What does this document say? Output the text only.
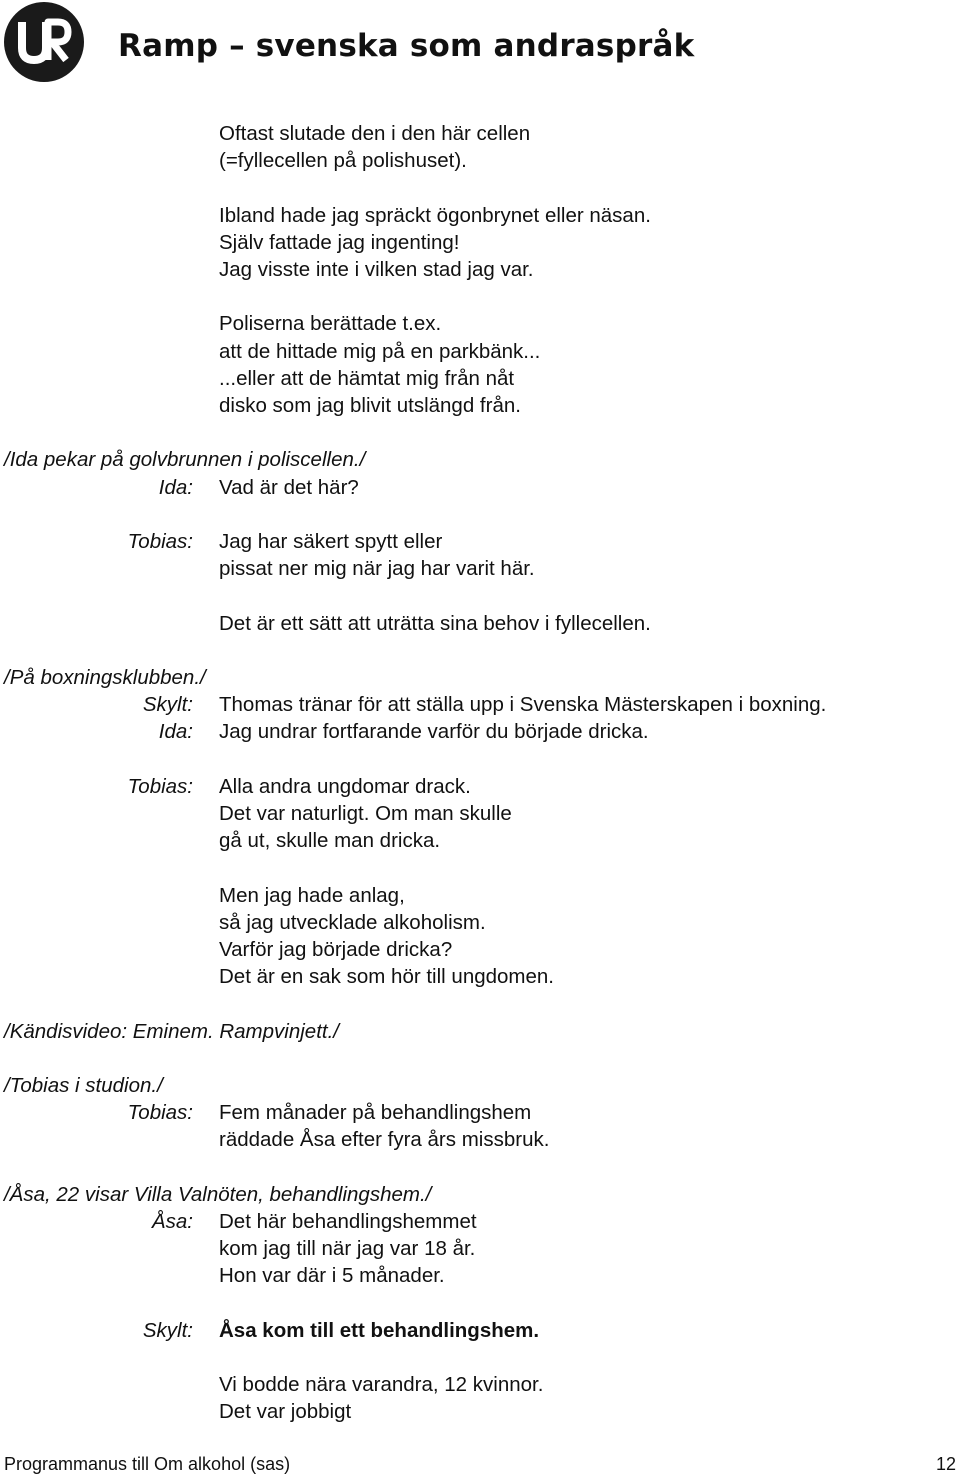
Ramp – svenska som andraspråk
Oftast slutade den i den här cellen
(=fyllecellen på polishuset).
Ibland hade jag spräckt ögonbrynet eller näsan.
Själv fattade jag ingenting!
Jag visste inte i vilken stad jag var.
Poliserna berättade t.ex.
att de hittade mig på en parkbänk...
...eller att de hämtat mig från nåt
disko som jag blivit utslängd från.
/Ida pekar på golvbrunnen i poliscellen./
Ida: Vad är det här?
Tobias: Jag har säkert spytt eller
pissat ner mig när jag har varit här.
Det är ett sätt att uträtta sina behov i fyllecellen.
/På boxningsklubben./
Skylt: Thomas tränar för att ställa upp i Svenska Mästerskapen i boxning.
Ida: Jag undrar fortfarande varför du började dricka.
Tobias: Alla andra ungdomar drack.
Det var naturligt. Om man skulle
gå ut, skulle man dricka.
Men jag hade anlag,
så jag utvecklade alkoholism.
Varför jag började dricka?
Det är en sak som hör till ungdomen.
/Kändisvideo: Eminem. Rampvinjett./
/Tobias i studion./
Tobias: Fem månader på behandlingshem
räddade Åsa efter fyra års missbruk.
/Åsa, 22 visar Villa Valnöten, behandlingshem./
Åsa: Det här behandlingshemmet
kom jag till när jag var 18 år.
Hon var där i 5 månader.
Skylt: Åsa kom till ett behandlingshem.
Vi bodde nära varandra, 12 kvinnor.
Det var jobbigt
Programmanus till Om alkohol (sas)	12
